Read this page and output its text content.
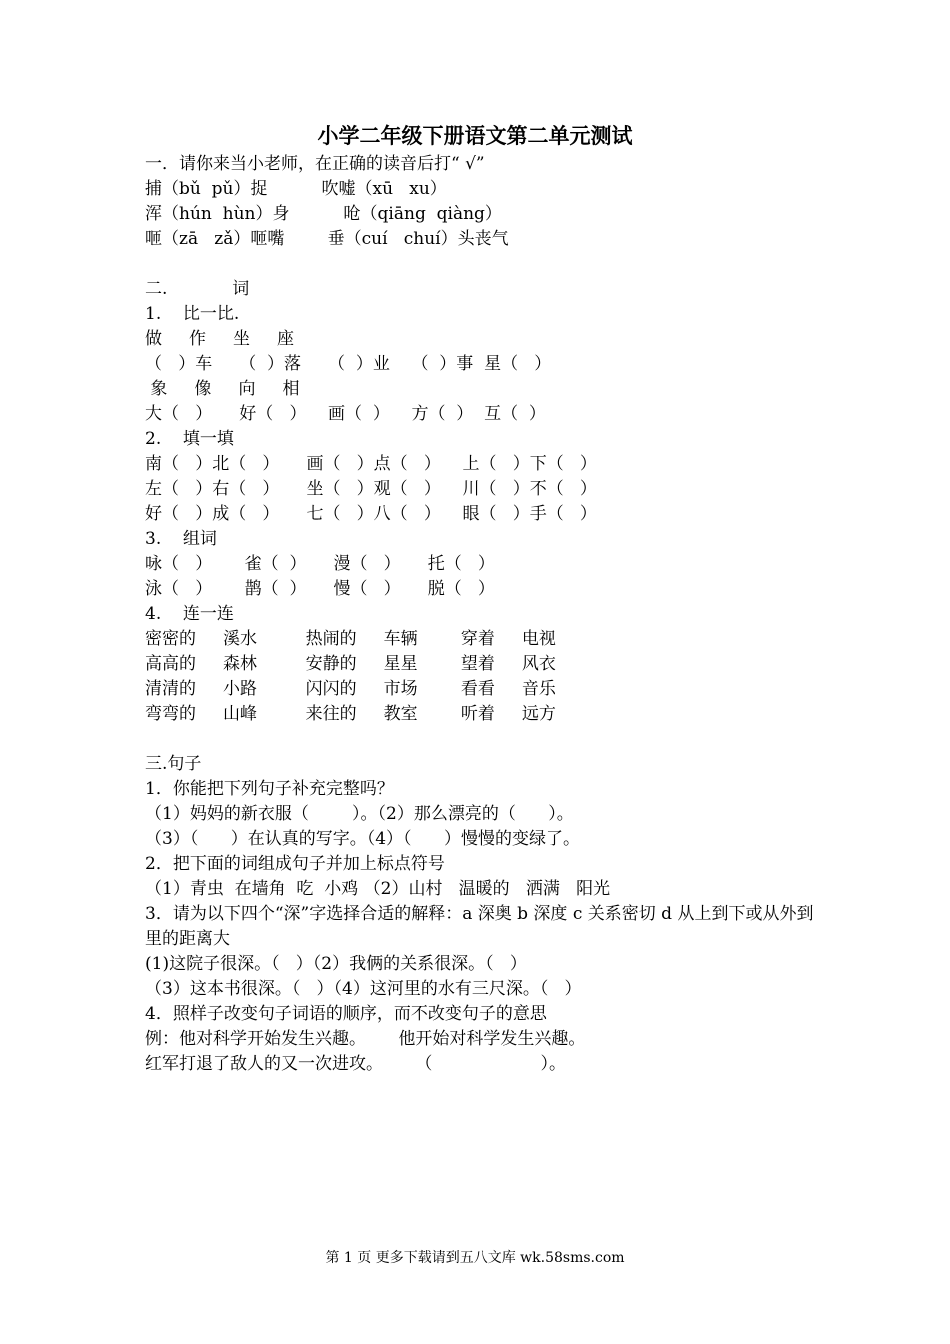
小学二年级下册语文第二单元测试
一．请你来当小老师，在正确的读音后打“ √”
捕（bǔ  pǔ）捉          吹嘘（xū   xu）
浑（hún  hùn）身          呛（qiāng  qiàng）
咂（zā   zǎ）咂嘴        垂（cuí   chuí）头丧气
二.            词
1.    比一比.
做     作     坐     座
（   ）车     （  ）落     （  ）业    （  ）事  星（   ）
象     像     向     相
大（   ）     好（   ）    画（  ）    方（  ）  互（  ）
2.    填一填
南（   ）北（   ）     画（   ）点（   ）    上（   ）下（   ）
左（   ）右（   ）     坐（   ）观（   ）    川（   ）不（   ）
好（   ）成（   ）     七（   ）八（   ）    眼（   ）手（   ）
3.    组词
咏（   ）      雀（  ）     漫（   ）     托（   ）
泳（   ）      鹊（  ）     慢（   ）     脱（   ）
4.    连一连
密密的     溪水         热闹的     车辆        穿着     电视
高高的     森林         安静的     星星        望着     风衣
清清的     小路         闪闪的     市场        看看     音乐
弯弯的     山峰         来往的     教室        听着     远方
三.句子
1．你能把下列句子补充完整吗？
（1）妈妈的新衣服（        ）。（2）那么漂亮的（      ）。
（3）（      ）在认真的写字。（4）（      ）慢慢的变绿了。
2．把下面的词组成句子并加上标点符号
（1）青虫  在墙角  吃  小鸡 （2）山村   温暖的   洒满   阳光
3．请为以下四个“深”字选择合适的解释：a 深奥 b 深度 c 关系密切 d 从上到下或从外到
里的距离大
(1)这院子很深。（   ）（2）我俩的关系很深。（   ）
（3）这本书很深。（   ）（4）这河里的水有三尺深。（   ）
4．照样子改变句子词语的顺序，而不改变句子的意思
例：他对科学开始发生兴趣。      他开始对科学发生兴趣。
红军打退了敌人的又一次进攻。      （                    ）。
第 1 页 更多下载请到五八文库 wk.58sms.com
